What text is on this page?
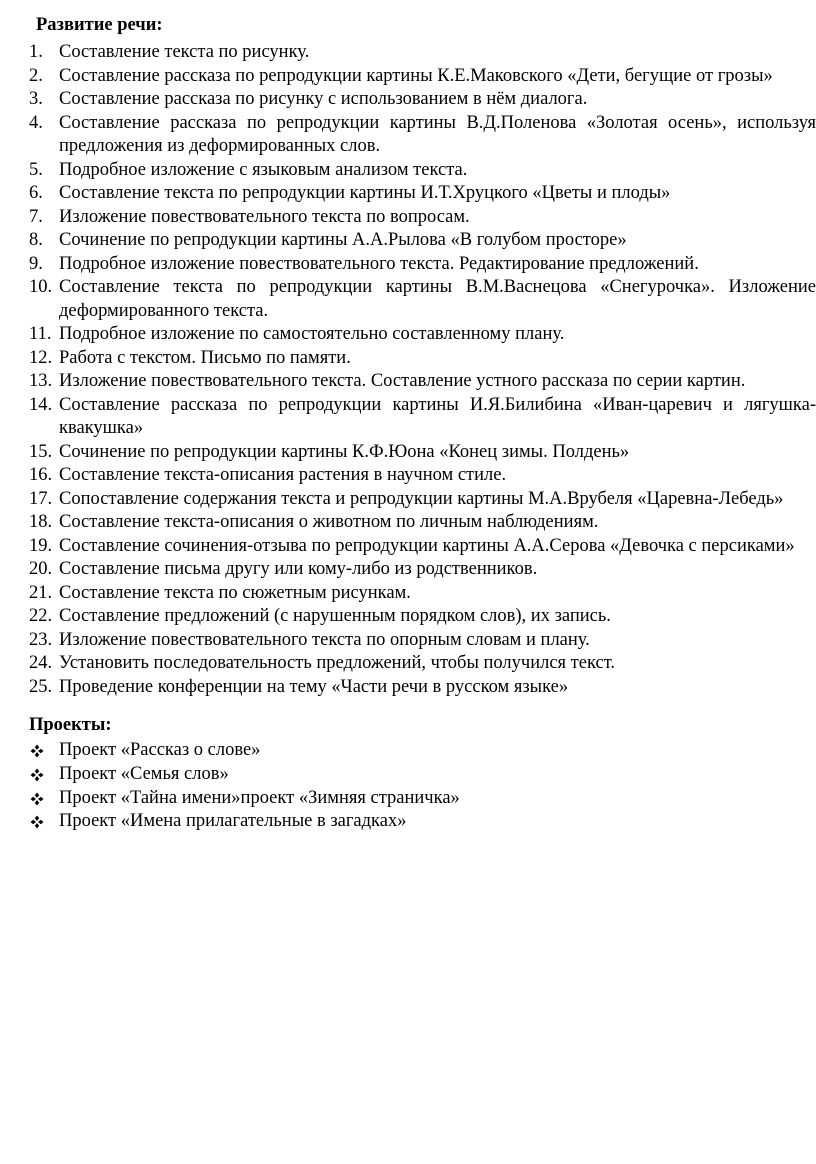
Развитие речи:
1. Составление текста по рисунку.
2. Составление рассказа по репродукции картины К.Е.Маковского «Дети, бегущие от грозы»
3. Составление рассказа по рисунку с использованием в нём диалога.
4. Составление рассказа по репродукции картины В.Д.Поленова «Золотая осень», используя предложения из деформированных слов.
5. Подробное изложение с языковым анализом текста.
6. Составление текста по репродукции картины И.Т.Хруцкого «Цветы и плоды»
7. Изложение повествовательного текста по вопросам.
8. Сочинение по репродукции картины А.А.Рылова «В голубом просторе»
9. Подробное изложение повествовательного текста. Редактирование предложений.
10. Составление текста по репродукции картины В.М.Васнецова «Снегурочка». Изложение деформированного текста.
11. Подробное изложение по самостоятельно составленному плану.
12. Работа с текстом. Письмо по памяти.
13. Изложение повествовательного текста. Составление устного рассказа по серии картин.
14. Составление рассказа по репродукции картины И.Я.Билибина «Иван-царевич и лягушка-квакушка»
15. Сочинение по репродукции картины К.Ф.Юона «Конец зимы. Полдень»
16. Составление текста-описания растения в научном стиле.
17. Сопоставление содержания текста и репродукции картины М.А.Врубеля «Царевна-Лебедь»
18. Составление текста-описания о животном по личным наблюдениям.
19. Составление сочинения-отзыва по репродукции картины А.А.Серова «Девочка с персиками»
20. Составление письма другу или кому-либо из родственников.
21. Составление текста по сюжетным рисункам.
22. Составление предложений (с нарушенным порядком слов), их запись.
23. Изложение повествовательного текста по опорным словам и плану.
24. Установить последовательность предложений, чтобы получился текст.
25. Проведение конференции на тему «Части речи в русском языке»
Проекты:
Проект «Рассказ о слове»
Проект «Семья слов»
Проект «Тайна имени»проект «Зимняя страничка»
Проект «Имена прилагательные в загадках»
